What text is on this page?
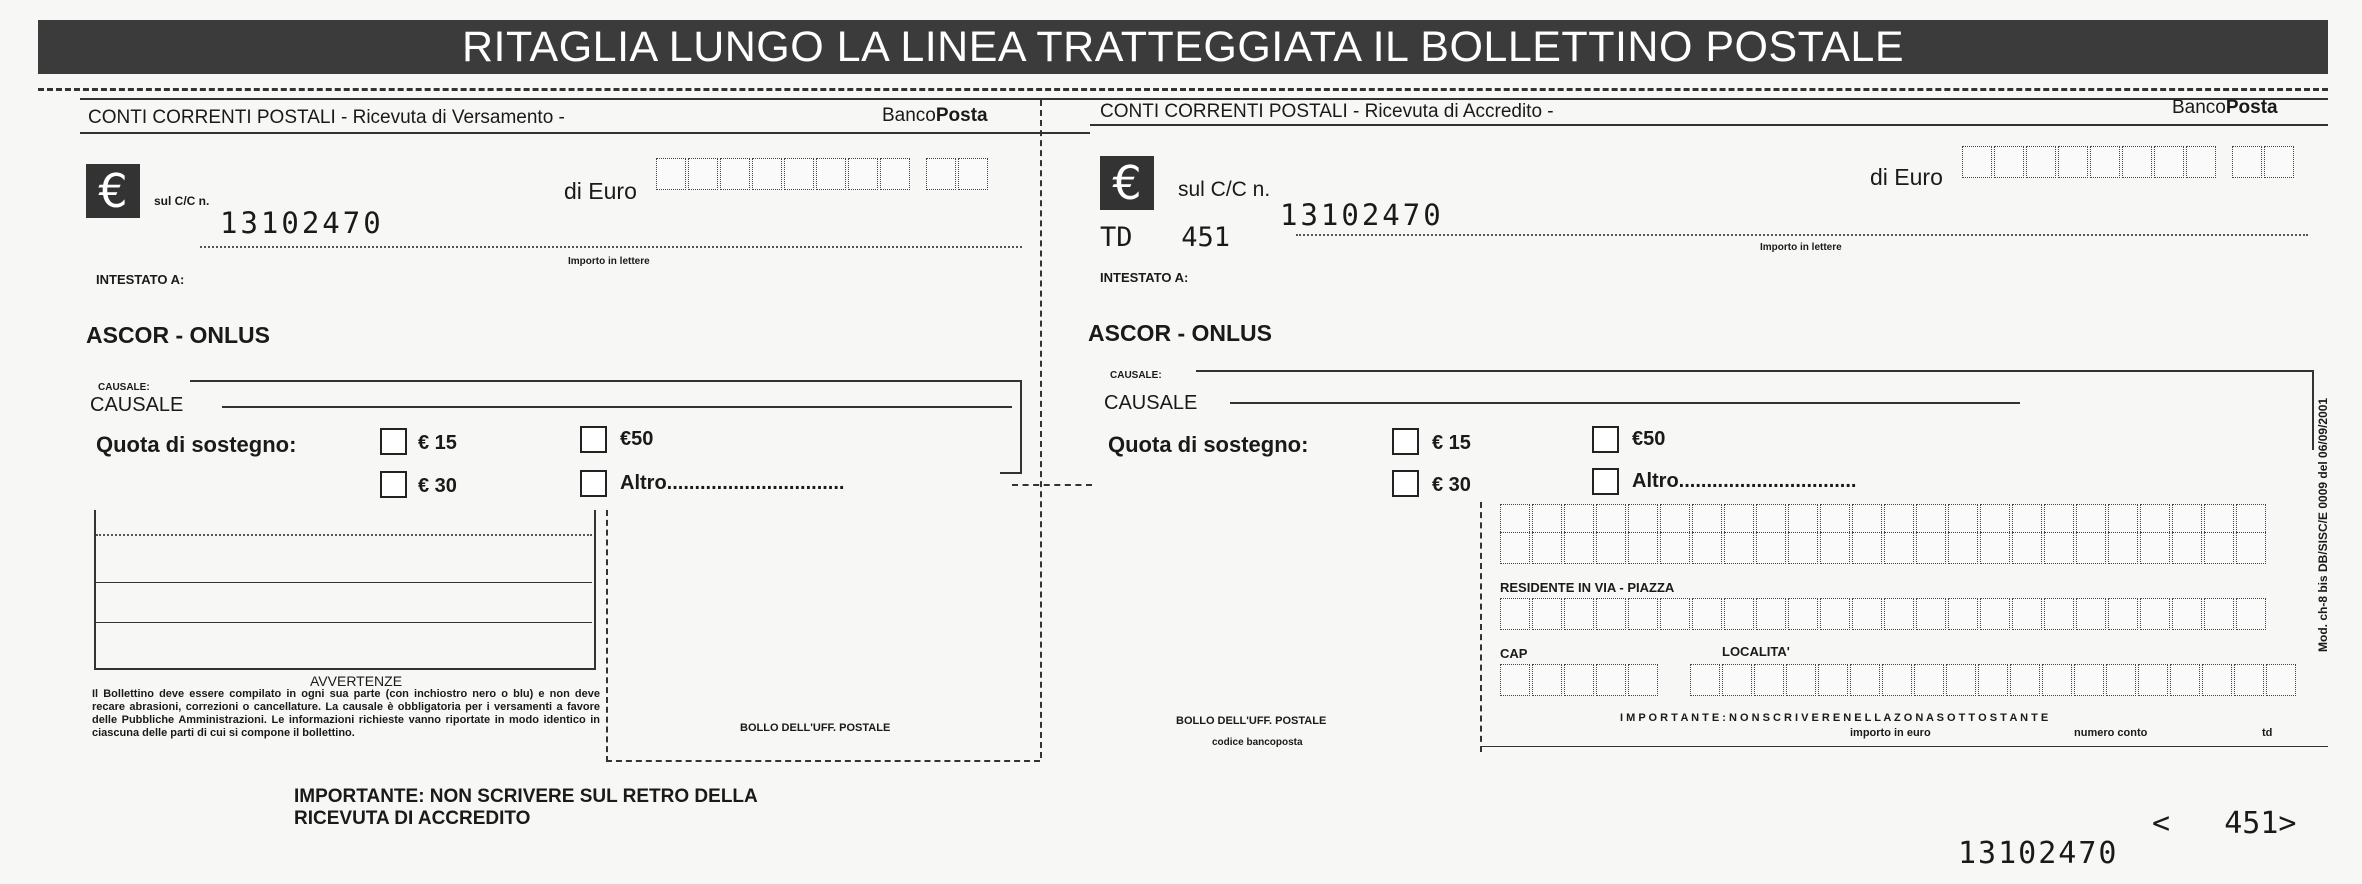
RITAGLIA LUNGO LA LINEA TRATTEGGIATA IL BOLLETTINO POSTALE
CONTI CORRENTI POSTALI - Ricevuta di Versamento -	BancoPosta	CONTI CORRENTI POSTALI - Ricevuta di Accredito -	BancoPosta
€	sul C/C n.
13102470
di Euro
Importo in lettere
INTESTATO A:
ASCOR - ONLUS
CAUSALE:
CAUSALE
Quota di sostegno:	€ 15	€50
€ 30	Altro................................
AVVERTENZE
Il Bollettino deve essere compilato in ogni sua parte (con inchiostro nero o blu) e non deve recare abrasioni, correzioni o cancellature. La causale è obbligatoria per i versamenti a favore delle Pubbliche Amministrazioni. Le informazioni richieste vanno riportate in modo identico in ciascuna delle parti di cui si compone il bollettino.	BOLLO DELL'UFF. POSTALE
IMPORTANTE: NON SCRIVERE SUL RETRO DELLA RICEVUTA DI ACCREDITO
€	sul C/C n.
13102470
TD   451
di Euro
Importo in lettere
INTESTATO A:
ASCOR - ONLUS
CAUSALE:
CAUSALE
Quota di sostegno:	€ 15	€50
€ 30	Altro................................
RESIDENTE IN VIA - PIAZZA
CAP	LOCALITA'
I M P O R T A N T E : N O N S C R I V E R E N E L L A Z O N A S O T T O S T A N T E
importo in euro	numero conto	td
BOLLO DELL'UFF. POSTALE
codice bancoposta
Mod. ch-8 bis DB/SISC/E 0009 del 06/09/2001
13102470
<   451>
